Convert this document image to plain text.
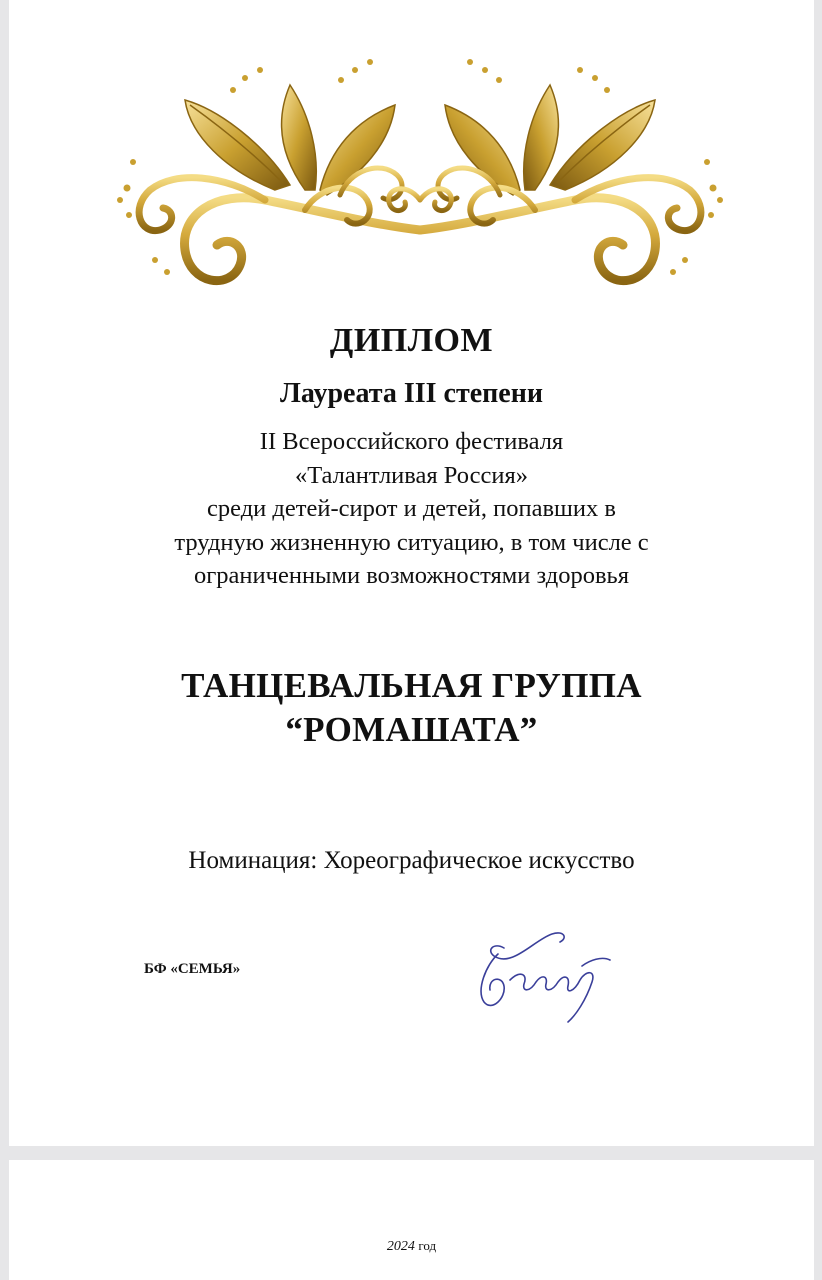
ДИПЛОМ
Лауреата III степени

II Всероссийского фестиваля
«Талантливая Россия»
среди детей-сирот и детей, попавших в
трудную жизненную ситуацию, в том числе с
ограниченными возможностями здоровья

ТАНЦЕВАЛЬНАЯ ГРУППА
“РОМАШАТА”

Номинация: Хореографическое искусство

БФ «СЕМЬЯ»
2024 год
